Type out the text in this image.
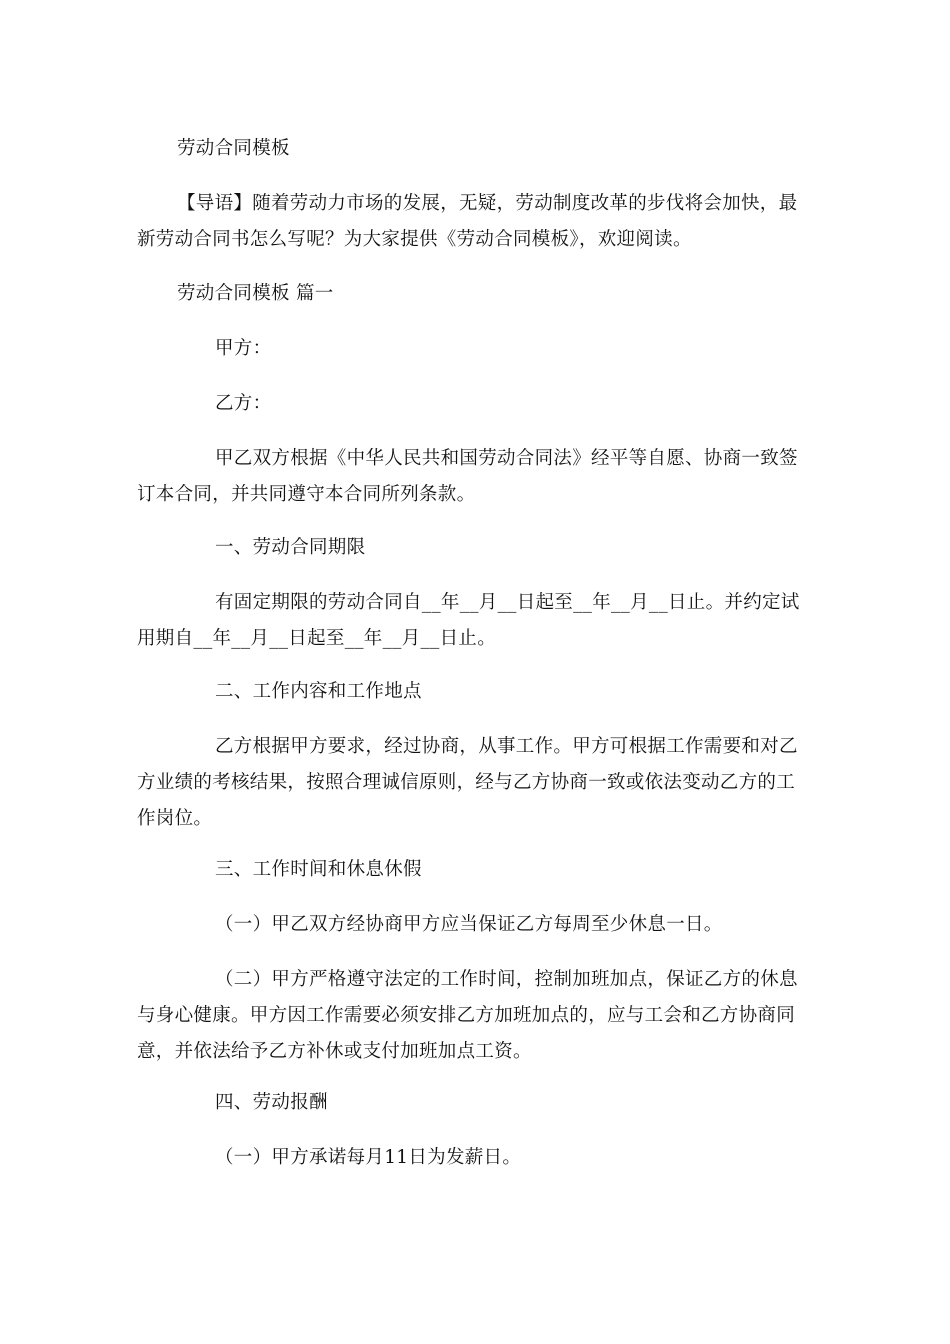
劳动合同模板

【导语】随着劳动力市场的发展，无疑，劳动制度改革的步伐将会加快，最新劳动合同书怎么写呢？为大家提供《劳动合同模板》，欢迎阅读。

劳动合同模板 篇一

甲方：

乙方：

甲乙双方根据《中华人民共和国劳动合同法》经平等自愿、协商一致签订本合同，并共同遵守本合同所列条款。

一、劳动合同期限

有固定期限的劳动合同自__年__月__日起至__年__月__日止。并约定试用期自__年__月__日起至__年__月__日止。

二、工作内容和工作地点

乙方根据甲方要求，经过协商，从事工作。甲方可根据工作需要和对乙方业绩的考核结果，按照合理诚信原则，经与乙方协商一致或依法变动乙方的工作岗位。

三、工作时间和休息休假

（一）甲乙双方经协商甲方应当保证乙方每周至少休息一日。

（二）甲方严格遵守法定的工作时间，控制加班加点，保证乙方的休息与身心健康。甲方因工作需要必须安排乙方加班加点的，应与工会和乙方协商同意，并依法给予乙方补休或支付加班加点工资。

四、劳动报酬

（一）甲方承诺每月11日为发薪日。
